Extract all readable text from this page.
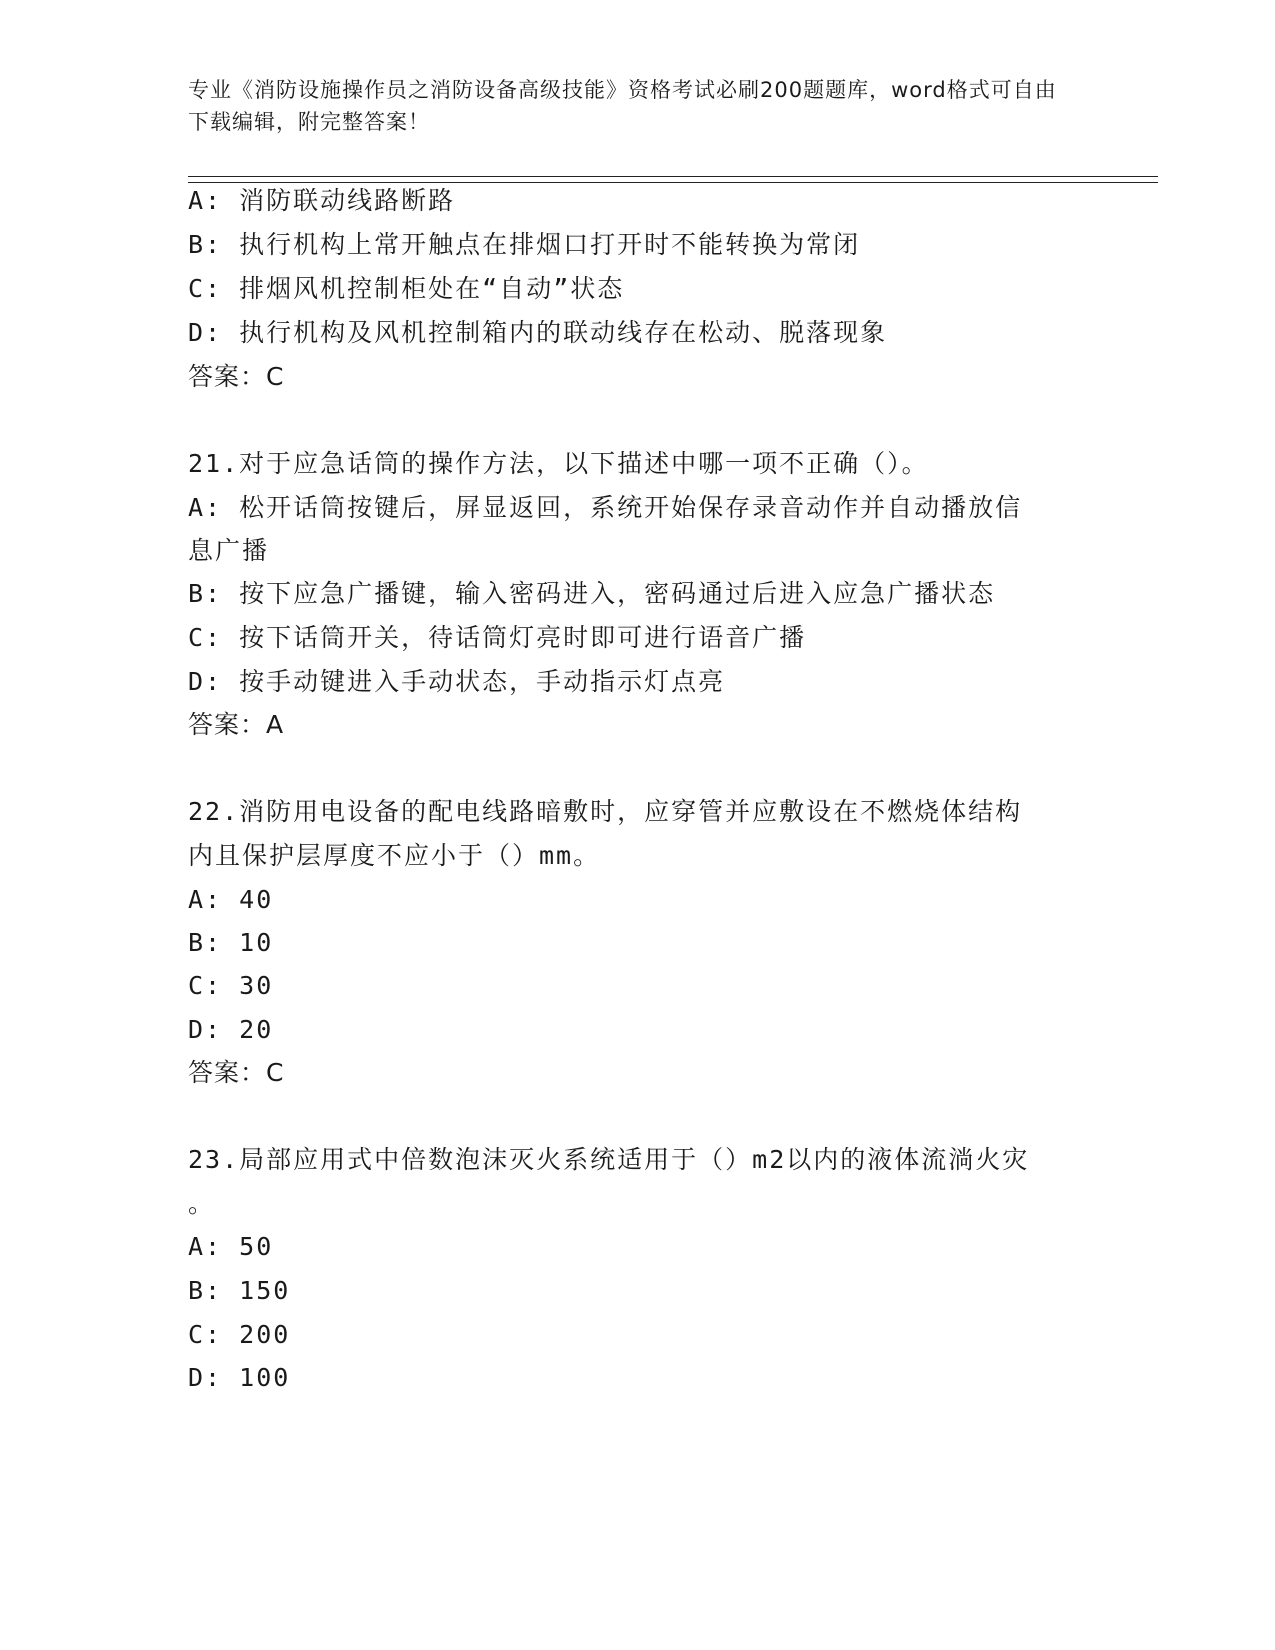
专业《消防设施操作员之消防设备高级技能》资格考试必刷200题题库，word格式可自由下载编辑，附完整答案！
A: 消防联动线路断路
B: 执行机构上常开触点在排烟口打开时不能转换为常闭
C: 排烟风机控制柜处在“自动”状态
D: 执行机构及风机控制箱内的联动线存在松动、脱落现象
答案：C
21.对于应急话筒的操作方法，以下描述中哪一项不正确（）。
A: 松开话筒按键后，屏显返回，系统开始保存录音动作并自动播放信
息广播
B: 按下应急广播键，输入密码进入，密码通过后进入应急广播状态
C: 按下话筒开关，待话筒灯亮时即可进行语音广播
D: 按手动键进入手动状态，手动指示灯点亮
答案：A
22.消防用电设备的配电线路暗敷时，应穿管并应敷设在不燃烧体结构
内且保护层厚度不应小于（）mm。
A: 40
B: 10
C: 30
D: 20
答案：C
23.局部应用式中倍数泡沫灭火系统适用于（）m2以内的液体流淌火灾
。
A: 50
B: 150
C: 200
D: 100
